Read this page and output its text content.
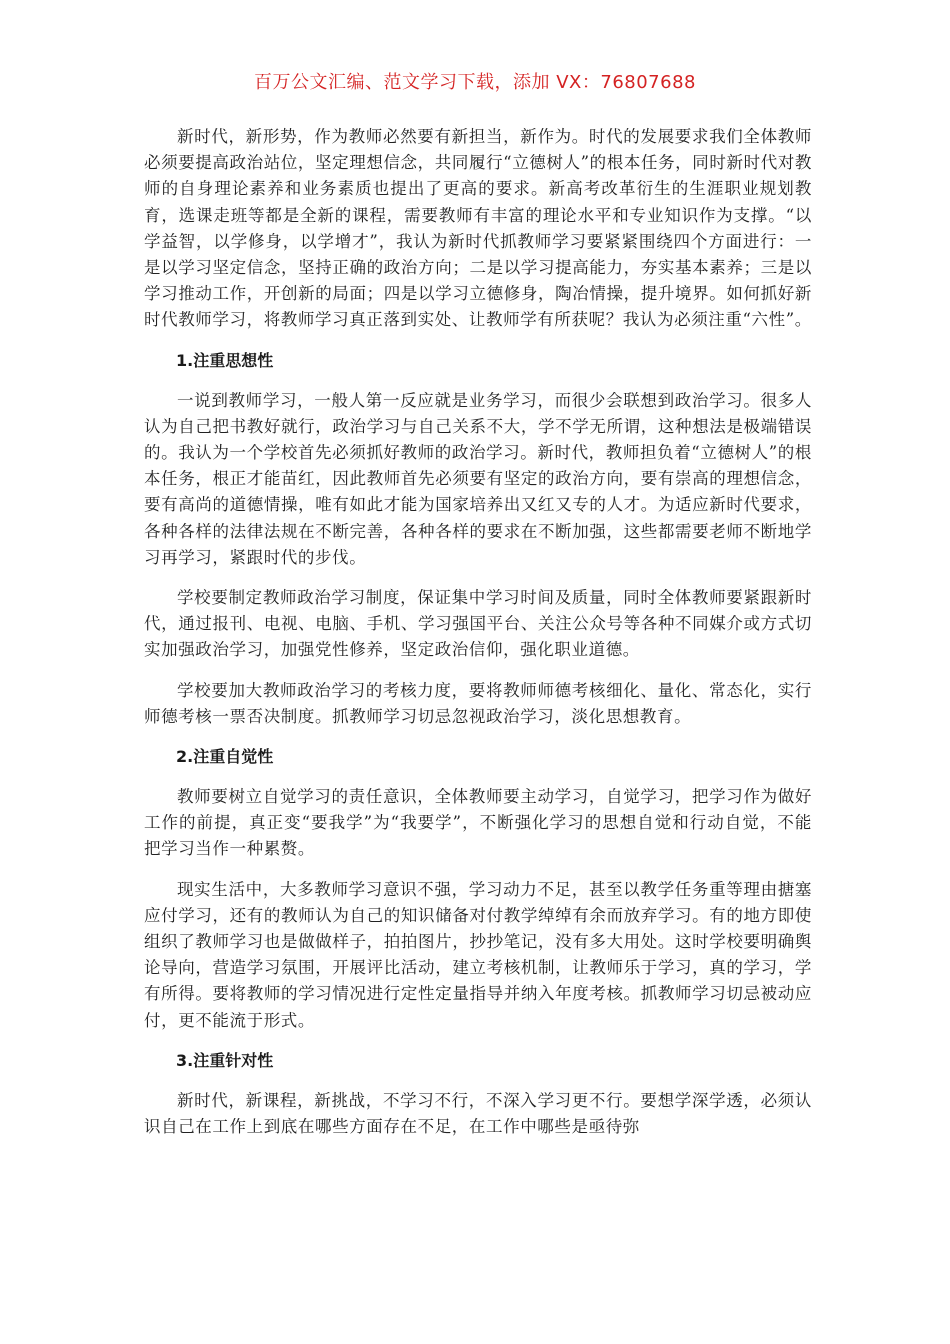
百万公文汇编、范文学习下载，添加 VX：76807688

新时代，新形势，作为教师必然要有新担当，新作为。时代的发展要求我们全体教师必须要提高政治站位，坚定理想信念，共同履行“立德树人”的根本任务，同时新时代对教师的自身理论素养和业务素质也提出了更高的要求。新高考改革衍生的生涯职业规划教育，选课走班等都是全新的课程，需要教师有丰富的理论水平和专业知识作为支撑。“以学益智，以学修身，以学增才”，我认为新时代抓教师学习要紧紧围绕四个方面进行：一是以学习坚定信念，坚持正确的政治方向；二是以学习提高能力，夯实基本素养；三是以学习推动工作，开创新的局面；四是以学习立德修身，陶冶情操，提升境界。如何抓好新时代教师学习，将教师学习真正落到实处、让教师学有所获呢？我认为必须注重“六性”。

1.注重思想性

一说到教师学习，一般人第一反应就是业务学习，而很少会联想到政治学习。很多人认为自己把书教好就行，政治学习与自己关系不大，学不学无所谓，这种想法是极端错误的。我认为一个学校首先必须抓好教师的政治学习。新时代，教师担负着“立德树人”的根本任务，根正才能苗红，因此教师首先必须要有坚定的政治方向，要有崇高的理想信念，要有高尚的道德情操，唯有如此才能为国家培养出又红又专的人才。为适应新时代要求，各种各样的法律法规在不断完善，各种各样的要求在不断加强，这些都需要老师不断地学习再学习，紧跟时代的步伐。

学校要制定教师政治学习制度，保证集中学习时间及质量，同时全体教师要紧跟新时代，通过报刊、电视、电脑、手机、学习强国平台、关注公众号等各种不同媒介或方式切实加强政治学习，加强党性修养，坚定政治信仰，强化职业道德。

学校要加大教师政治学习的考核力度，要将教师师德考核细化、量化、常态化，实行师德考核一票否决制度。抓教师学习切忌忽视政治学习，淡化思想教育。

2.注重自觉性

教师要树立自觉学习的责任意识，全体教师要主动学习，自觉学习，把学习作为做好工作的前提，真正变“要我学”为“我要学”，不断强化学习的思想自觉和行动自觉，不能把学习当作一种累赘。

现实生活中，大多教师学习意识不强，学习动力不足，甚至以教学任务重等理由搪塞应付学习，还有的教师认为自己的知识储备对付教学绰绰有余而放弃学习。有的地方即使组织了教师学习也是做做样子，拍拍图片，抄抄笔记，没有多大用处。这时学校要明确舆论导向，营造学习氛围，开展评比活动，建立考核机制，让教师乐于学习，真的学习，学有所得。要将教师的学习情况进行定性定量指导并纳入年度考核。抓教师学习切忌被动应付，更不能流于形式。

3.注重针对性

新时代，新课程，新挑战，不学习不行，不深入学习更不行。要想学深学透，必须认识自己在工作上到底在哪些方面存在不足，在工作中哪些是亟待弥
